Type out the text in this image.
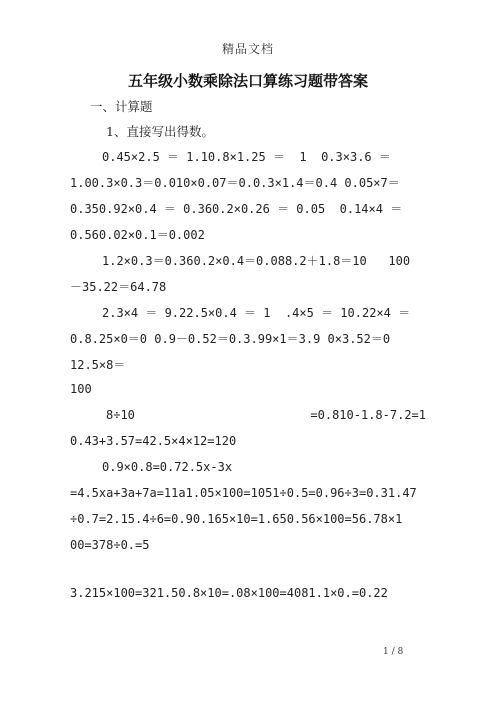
精品文档
五年级小数乘除法口算练习题带答案
一、计算题
1、直接写出得数。
0.45×2.5 ＝ 1.10.8×1.25 ＝  1  0.3×3.6 ＝
1.00.3×0.3＝0.010×0.07＝0.0.3×1.4＝0.4 0.05×7＝
0.350.92×0.4 ＝ 0.360.2×0.26 ＝ 0.05  0.14×4 ＝
0.560.02×0.1＝0.002
1.2×0.3＝0.360.2×0.4＝0.088.2＋1.8＝10   100
－35.22＝64.78
2.3×4 ＝ 9.22.5×0.4 ＝ 1  .4×5 ＝ 10.22×4 ＝
0.8.25×0＝0 0.9－0.52＝0.3.99×1＝3.9 0×3.52＝0
12.5×8＝
100
8÷10	=0.810-1.8-7.2=1
0.43+3.57=42.5×4×12=120
0.9×0.8=0.72.5x-3x
=4.5xa+3a+7a=11a1.05×100=1051÷0.5=0.96÷3=0.31.47
÷0.7=2.15.4÷6=0.90.165×10=1.650.56×100=56.78×1
00=378÷0.=5
3.215×100=321.50.8×10=.08×100=4081.1×0.=0.22
1 / 8
